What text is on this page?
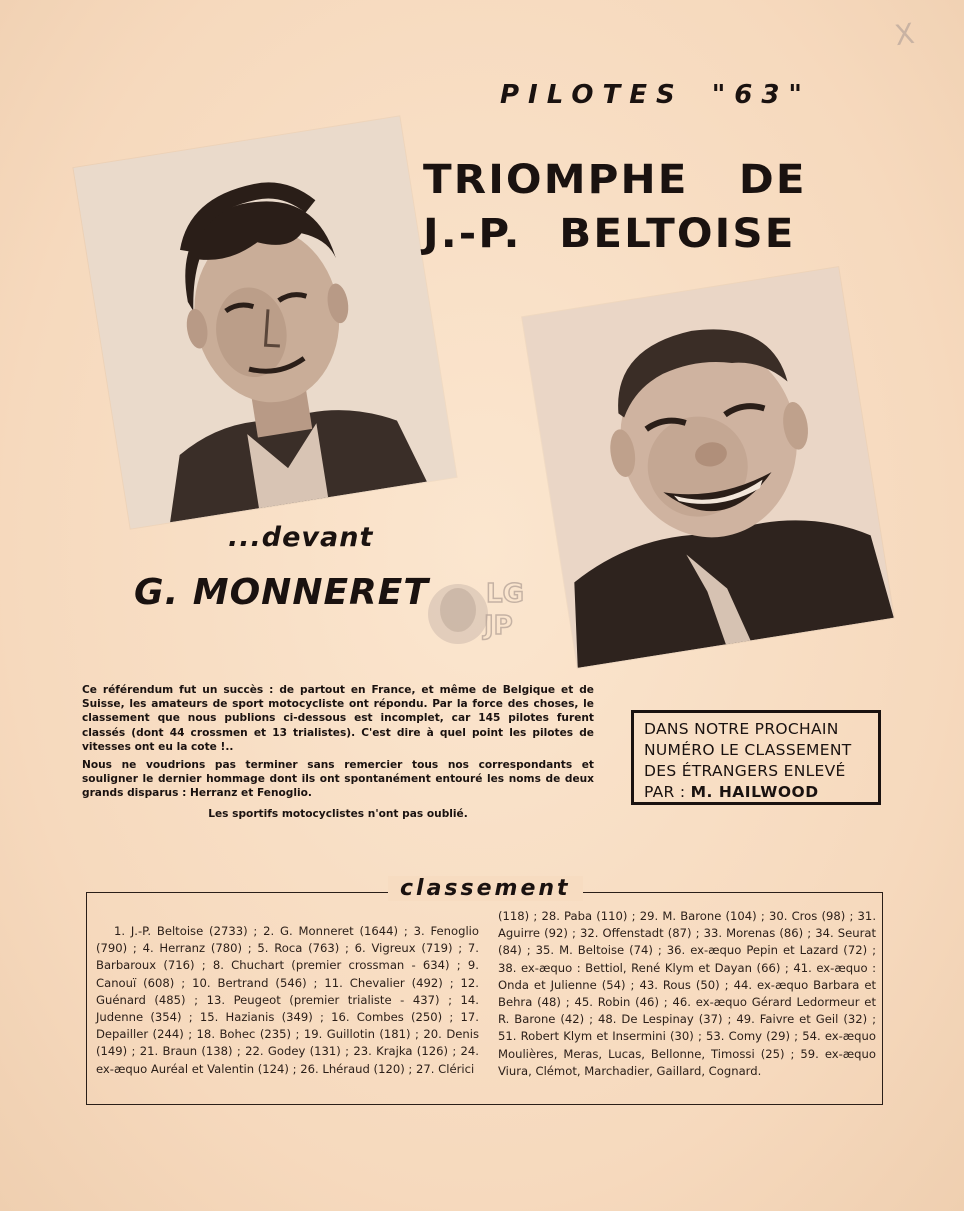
X
PILOTES "63"
TRIOMPHE DE
J.-P. BELTOISE
...devant
G. MONNERET LG
JP

Ce référendum fut un succès : de partout en France, et même de Belgique et de Suisse, les amateurs de sport motocycliste ont répondu. Par la force des choses, le classement que nous publions ci-dessous est incomplet, car 145 pilotes furent classés (dont 44 crossmen et 13 trialistes). C'est dire à quel point les pilotes de vitesses ont eu la cote !..

Nous ne voudrions pas terminer sans remercier tous nos correspondants et souligner le dernier hommage dont ils ont spontanément entouré les noms de deux grands disparus : Herranz et Fenoglio.

Les sportifs motocyclistes n'ont pas oublié.

DANS NOTRE PROCHAIN
NUMÉRO LE CLASSEMENT
DES ÉTRANGERS ENLEVÉ
PAR : M. HAILWOOD
classement
1. J.-P. Beltoise (2733) ; 2. G. Monneret (1644) ; 3. Fenoglio (790) ; 4. Herranz (780) ; 5. Roca (763) ; 6. Vigreux (719) ; 7. Barbaroux (716) ; 8. Chuchart (premier crossman - 634) ; 9. Canouï (608) ; 10. Bertrand (546) ; 11. Chevalier (492) ; 12. Guénard (485) ; 13. Peugeot (premier trialiste - 437) ; 14. Judenne (354) ; 15. Hazianis (349) ; 16. Combes (250) ; 17. Depailler (244) ; 18. Bohec (235) ; 19. Guillotin (181) ; 20. Denis (149) ; 21. Braun (138) ; 22. Godey (131) ; 23. Krajka (126) ; 24. ex-æquo Auréal et Valentin (124) ; 26. Lhéraud (120) ; 27. Clérici
(118) ; 28. Paba (110) ; 29. M. Barone (104) ; 30. Cros (98) ; 31. Aguirre (92) ; 32. Offenstadt (87) ; 33. Morenas (86) ; 34. Seurat (84) ; 35. M. Beltoise (74) ; 36. ex-æquo Pepin et Lazard (72) ; 38. ex-æquo : Bettiol, René Klym et Dayan (66) ; 41. ex-æquo : Onda et Julienne (54) ; 43. Rous (50) ; 44. ex-æquo Barbara et Behra (48) ; 45. Robin (46) ; 46. ex-æquo Gérard Ledormeur et R. Barone (42) ; 48. De Lespinay (37) ; 49. Faivre et Geil (32) ; 51. Robert Klym et Insermini (30) ; 53. Comy (29) ; 54. ex-æquo Moulières, Meras, Lucas, Bellonne, Timossi (25) ; 59. ex-æquo Viura, Clémot, Marchadier, Gaillard, Cognard.
